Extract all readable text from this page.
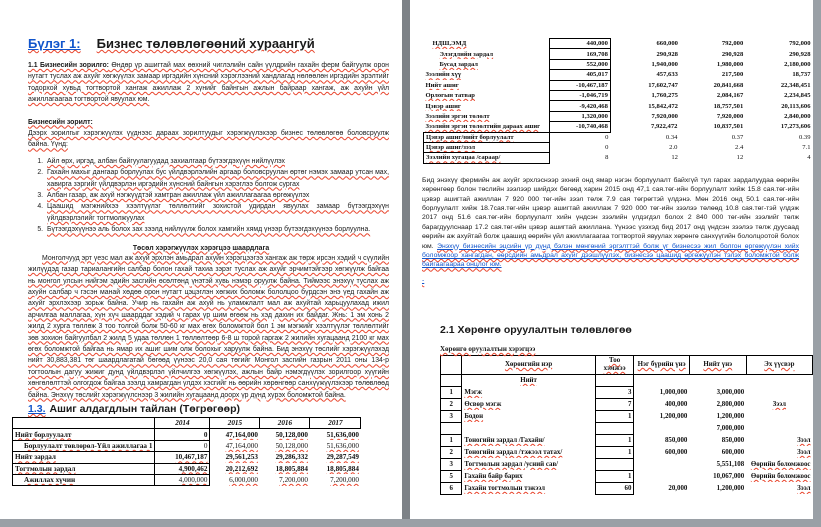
Бүлэг 1: Бизнес төлөвлөгөөний хураангуй
1.1 Бизнесийн зорилго: Өндөр үр ашигтай мах өөхний чиглэлийн сайн үүлдрийн гахайн ферм байгуулж орон нутагт туслах аж ахуйг хөгжүүлэх замаар иргэдийн хүнсний хэрэглээний хандлагад нөлөөлөн иргэдийн эрэлтийг тодорхой хувьд тогтвортой хангаж ажиллаж 2 хүнийг байнгын ажлын байраар хангаж, аж ахуйн үйл ажиллагаагаа тогтвортой явуулах юм.
Бизнесийн зорилт:
Дээрх зорилгыг хэрэгжүүлэх үүднээс дараах зорилтуудыг хэрэгжүүлэхээр бизнес төлөвлөгөө боловсруулж байна. Үүнд:
1. Айл өрх, иргэд, албан байгуулагуудад захиалгаар бүтээгдэхүүн нийлүүлэх
2. Гахайн махыг дангаар борлуулах бус үйлдвэрлэлийн аргаар боловсруулан өртөг нэмэх замаар утсан мах, хавирга зэргийг үйлдвэрлэн иргэдийн хүнсний байнгын хэрэглээ болгож сургах
3. Албан газар, аж ахуй нэгжүүдтэй хамтран ажиллаж үйл ажиллагаагаа өргөжүүлэх
4. Цаашид мэгжнийхээ хээлтүүлэг төллөлтийг зохистой удирдан явуулах замаар бүтээгдэхүүн үйлдвэрлэлийг тогтмолжуулах
5. Бүтээгдэхүүнээ аль болох зах зээлд нийлүүлж болох хамгийн хямд үнээр бүтээгдэхүүнээ борлуулна.
Төсөл хэрэгжүүлэх хэрэгцээ шаардлага
Монголчууд эрт үеэс мал аж ахуй эрхлэн амьдрал ахуйн хэрэгцээгээ хангаж аж төрж ирсэн хэдий ч сүүлийн жилүүдэд газар тариалангийн салбар болон гахай тахиа зэрэг туслах аж ахуйг эрчимтэйгээр хөгжүүлж байгаа нь монгол улсын нийгэм эдийн засгийн өсөлтөнд үнэтэй хувь нэмэр оруулж байна. Тиймээс энэхүү туслах аж ахуйн салбар ч гэсэн манай хөдөө орон нутагт цэцэглэн хөгжих боломж бололцоо бүрдсэн энэ үед гахайн аж ахуйг эрхлэхээр зорьж байна. Учир нь гахайн аж ахуй нь уламжлалт мал аж ахуйтай харьцуулахад ижил арчилгаа маллагаа, хүн хүч шаарддаг хэдий ч гарах үр шим өгөөж нь хэд дахин их байдаг. Жнь: 1 эм хонь 2 жилд 2 хурга төллөж 3 тоо толгой болж 50-60 кг мах өгөх боломжтой бол 1 эм мэгжийг хээлтүүлэг төллөлтийг зөв зохион байгуулбал 2 жилд 5 удаа төллөн 1 төллөлтөөр 6-8 ш торой гаргаж 2 жилийн хугацаанд 2100 кг мах өгөх боломжтой байгаа нь ямар их ашиг шим олж болохыг харуулж байна. Бид энэхүү төслийг хэрэгжүүлэхэд нийт 30,883,381 төг шаардлагатай бөгөөд үүнээс 20,0 сая төгийг Монгол засгийн газрын 2011 оны 134-р тогтоолын дагуу жижиг дунд үйлдвэрлэл үйлчилгээ хөгжүүлэх, ажлын байр нэмэгдүүлэх зорилгоор хүүгийн хөнгөлөлттэй олгогдож байгаа зээлд хамрагдан үлдэх хэсгийг нь өөрийн хөрөнгөөр санхүүжүүлэхээр төлөвлөөд байна. Энэхүү төслийг хэрэгжүүлснээр 3 жилийн хугацаанд доорх үр дүнд хүрэх боломжтой байна.
1.3. Ашиг алдагдлын тайлан (Төгрөгөөр)
	2014	2015	2016	2017
Нийт борлуулалт	0	47,164,000	50,128,000	51,636,000
Борлуулалт төвлөрөл-Үйл ажиллагаа 1	0	47,164,000	50,128,000	51,636,000
Нийт зардал	10,467,187	29,561,253	29,286,332	29,287,549
Тогтмолын зардал	4,900,462	20,212,692	18,805,884	18,805,884
Ажиллах хүчин	4,000,000	6,000,000	7,200,000	7,200,000
НДШ,ЭМД	440,000	660,000	792,000	792,000
Элэгдлийн зардал	169,708	290,928	290,928	290,928
Бусад зардал	552,000	1,940,000	1,980,000	2,180,000
Зээлийн хүү	405,017	457,633	217,500	18,737
Нийт ашиг	-10,467,187	17,602,747	20,841,668	22,348,451
Орлогын татвар	-1,046,719	1,760,275	2,084,167	2,234,845
Цэвэр ашиг	-9,420,468	15,842,472	18,757,501	20,113,606
Зээлийн эргэн төлөлт	1,320,000	7,920,000	7,920,000	2,840,000
Зээлийн эргэн төлөлтийн дараах ашиг	-10,740,468	7,922,472	10,837,501	17,273,606
Цэвэр ашиг/нийт борлуулалт	0	0.34	0.37	0.39
Цэвэр ашиг/зээл	0	2.0	2.4	7.1
Зээлийн хугацаа /сараар/	8	12	12	4
Бид энэхүү фермийн аж ахуйг эрхлэснээр эхний онд ямар нэгэн борлуулалт байхгүй тул гарах зардалуудаа өөрийн хөрөнгөөр болон төслийн зээлээр шийдэх бөгөөд харин 2015 онд 47,1 сая.төг-ийн борлуулалт хийж 15.8 сая.төг-ийн цэвэр ашигтай ажиллан 7 920 000 төг-ийн зээл төлж 7.9 сая төгрөгтэй үлдэнэ. Мөн 2016 онд 50.1 сая.төг-ийн борлуулалт хийж 18.7сая.төг-ийн цэвэр ашигтай ажиллаж 7 920 000 төг-ийн зээлээ төлөөд 10.8 сая.төг-тэй үлдэж 2017 онд 51.6 сая.төг-ийн борлуулалт хийн үндсэн зээлийн үлдэгдэл болох 2 840 000 төг-ийн зээлийг төлж барагдуулснаар 17.2 сая.төг-ийн цэвэр ашигтай ажиллана. Үүнээс үзэхэд бид 2017 онд үндсэн зээлээ төлж дуусаад өөрийн аж ахуйтай болж цаашид өөрийн үйл ажиллагаагаа тогтвортой явуулах хөрөнгө санхүүгийн бололцоотой болох юм. Энэхүү бизнесийн эцсийн үр дүнд бэлэн мөнгөний эргэлттэй болж үг бизнесээ жил болгон өргөжүүлэн хийх боломжоор хангагдан, өөрсдийн амьдрал ахуйг дээшлүүлэх, бизнесээ цаашид өргөжүүлэн тэлэх боломжтой болж байгаагаараа онцлог юм.
-
2.1 Хөрөнгө оруулалтын төлөвлөгөө
Хөрөнгө оруулалтын хэрэгцээ
	Хөрөнгийн нэр	Тоо хэмжээ	Нэг бүрийн үнэ	Нийт үнэ	Эх үүсвэр
	Нийт				
1	Мэгж	3	1,000,000	3,000,000	
2	Өсвөр мэгж	7	400,000	2,800,000	Зээл
3	Бодон	1	1,200,000	1,200,000	
				7,000,000	
1	Тоногийн зардал /Гахайн/	1	850,000	850,000	Зээл
2	Тоногийн зардал /тэжээл татах/	1	600,000	600,000	Зээл
3	Тогтмолын зардал /усний сав/			5,551,108	Өөрийн боломжоос
5	Гахайн байр барих	1		10,067,000	Өөрийн боломжоос
6	Гахайн тогтмолын тэжээл	60	20,000	1,200,000	Зээл
